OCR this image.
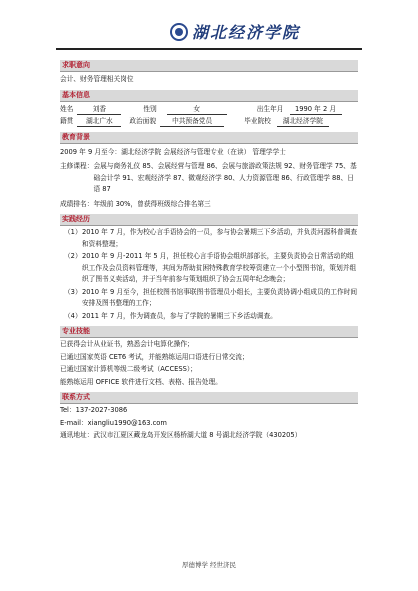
湖北经济学院
求职意向
会计、财务管理相关岗位
基本信息
姓名	刘香	性别	女	出生年月	1990 年 2 月
籍贯	湖北广水	政治面貌	中共预备党员	毕业院校	湖北经济学院
教育背景
2009 年 9 月至今：湖北经济学院 会展经济与管理专业（在读） 管理学学士
主修课程： 会展与商务礼仪 85、会展经营与管理 86、会展与旅游政策法规 92、财务管理学 75、基础会计学 91、宏观经济学 87、微观经济学 80、人力资源管理 86、行政管理学 88、日语 87
成绩排名： 年级前 30%，曾获得班级综合排名第三
实践经历
（1） 2010 年 7 月，作为校心言手语协会的一员，参与协会暑期三下乡活动，并负责河源科普调查和资料整理；
（2） 2010 年 9 月-2011 年 5 月，担任校心言手语协会组织部部长，主要负责协会日常活动的组织工作及会员资料管理等，其间为帮助贫困特殊教育学校筹资建立一个小型图书馆，策划并组织了图书义卖活动，并于当年前参与策划组织了协会五周年纪念晚会；
（3） 2010 年 9 月至今，担任校图书馆事联图书管理员小组长，主要负责协调小组成员的工作时间安排及图书整理的工作；
（4） 2011 年 7 月，作为调查员，参与了学院的暑期三下乡活动调查。
专业技能
已获得会计从业证书，熟悉会计电算化操作；
已通过国家英语 CET6 考试，并能熟练运用口语进行日常交流；
已通过国家计算机等级二级考试（ACCESS）；
能熟练运用 OFFICE 软件进行文档、表格、报告处理。
联系方式
Tel：137-2027-3086
E-mail：xiangliu1990@163.com
通讯地址：武汉市江夏区藏龙岛开发区杨桥湖大道 8 号湖北经济学院（430205）
厚德博学 经世济民
